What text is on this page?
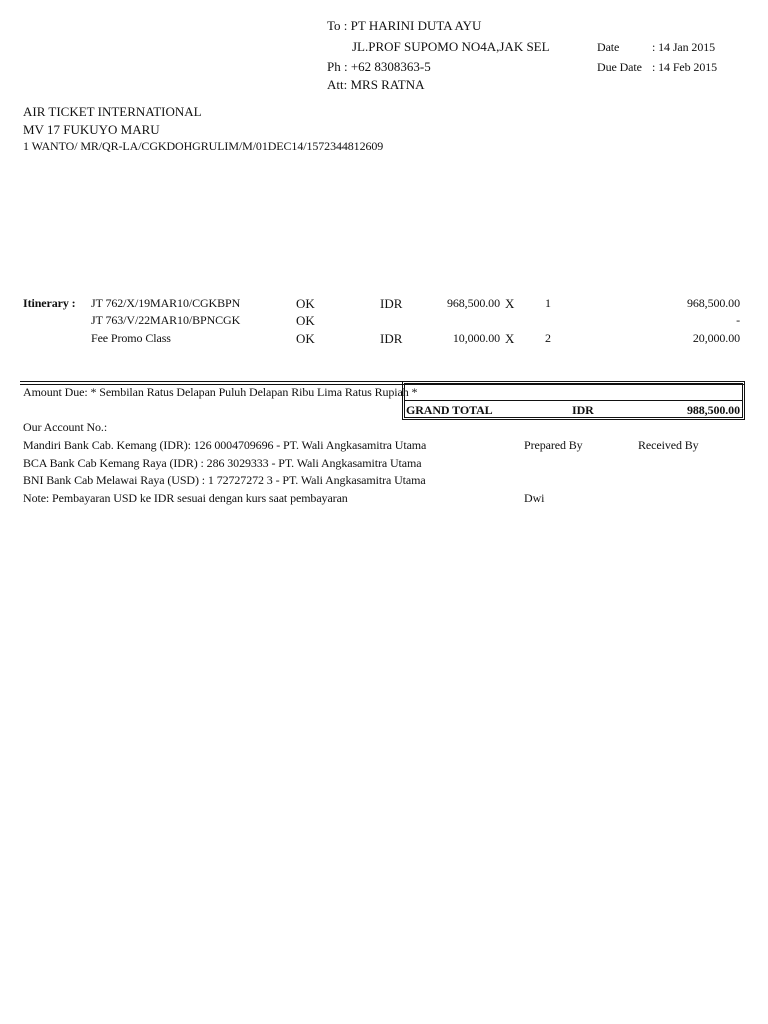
To : PT HARINI DUTA AYU
JL.PROF SUPOMO NO4A,JAK SEL
Ph : +62 8308363-5
Att: MRS RATNA
Date	: 14 Jan 2015
Due Date : 14 Feb 2015
AIR TICKET INTERNATIONAL
MV 17 FUKUYO MARU
1 WANTO/ MR/QR-LA/CGKDOHGRULIM/M/01DEC14/1572344812609
Itinerary : JT 762/X/19MAR10/CGKBPN	OK	IDR	968,500.00 X	1	968,500.00
JT 763/V/22MAR10/BPNCGK	OK	-
Fee Promo Class	OK	IDR	10,000.00 X	2	20,000.00
Amount Due: * Sembilan Ratus Delapan Puluh Delapan Ribu Lima Ratus Rupiah *
GRAND TOTAL	IDR	988,500.00
Our Account No.:
Mandiri Bank Cab. Kemang (IDR): 126 0004709696 - PT. Wali Angkasamitra Utama
BCA Bank Cab Kemang Raya (IDR) : 286 3029333 - PT. Wali Angkasamitra Utama
BNI Bank Cab Melawai Raya (USD) : 1 72727272 3 - PT. Wali Angkasamitra Utama
Note: Pembayaran USD ke IDR sesuai dengan kurs saat pembayaran
Prepared By	Received By
Dwi
